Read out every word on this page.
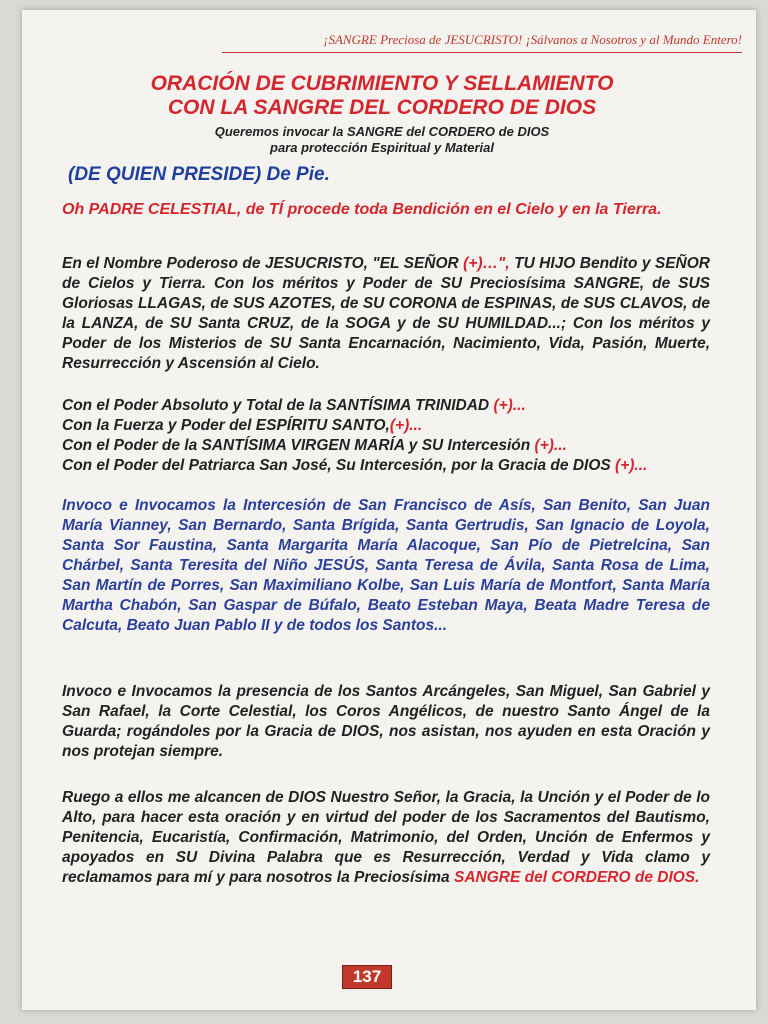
¡SANGRE Preciosa de JESUCRISTO! ¡Sálvanos a Nosotros y al Mundo Entero!
ORACIÓN DE CUBRIMIENTO Y SELLAMIENTO
CON LA SANGRE DEL CORDERO DE DIOS
Queremos invocar la SANGRE del CORDERO de DIOS
para protección Espiritual y Material
(DE QUIEN PRESIDE) De Pie.
Oh PADRE CELESTIAL, de TÍ procede toda Bendición en el Cielo y en la Tierra.
En el Nombre Poderoso de JESUCRISTO, "EL SEÑOR (+)…", TU HIJO Bendito y SEÑOR de Cielos y Tierra. Con los méritos y Poder de SU Preciosísima SANGRE, de SUS Gloriosas LLAGAS, de SUS AZOTES, de SU CORONA de ESPINAS, de SUS CLAVOS, de la LANZA, de SU Santa CRUZ, de la SOGA y de SU HUMILDAD...; Con los méritos y Poder de los Misterios de SU Santa Encarnación, Nacimiento, Vida, Pasión, Muerte, Resurrección y Ascensión al Cielo.
Con el Poder Absoluto y Total de la SANTÍSIMA TRINIDAD (+)...
Con la Fuerza y Poder del ESPÍRITU SANTO,(+)...
Con el Poder de la SANTÍSIMA VIRGEN MARÍA y SU Intercesión (+)...
Con el Poder del Patriarca San José, Su Intercesión, por la Gracia de DIOS (+)...
Invoco e Invocamos la Intercesión de San Francisco de Asís, San Benito, San Juan María Vianney, San Bernardo, Santa Brígida, Santa Gertrudis, San Ignacio de Loyola, Santa Sor Faustina, Santa Margarita María Alacoque, San Pío de Pietrelcina, San Chárbel, Santa Teresita del Niño JESÚS, Santa Teresa de Ávila, Santa Rosa de Lima, San Martín de Porres, San Maximiliano Kolbe, San Luis María de Montfort, Santa María Martha Chabón, San Gaspar de Búfalo, Beato Esteban Maya, Beata Madre Teresa de Calcuta, Beato Juan Pablo II y de todos los Santos...
Invoco e Invocamos la presencia de los Santos Arcángeles, San Miguel, San Gabriel y San Rafael, la Corte Celestial, los Coros Angélicos, de nuestro Santo Ángel de la Guarda; rogándoles por la Gracia de DIOS, nos asistan, nos ayuden en esta Oración y nos protejan siempre.
Ruego a ellos me alcancen de DIOS Nuestro Señor, la Gracia, la Unción y el Poder de lo Alto, para hacer esta oración y en virtud del poder de los Sacramentos del Bautismo, Penitencia, Eucaristía, Confirmación, Matrimonio, del Orden, Unción de Enfermos y apoyados en SU Divina Palabra que es Resurrección, Verdad y Vida clamo y reclamamos para mí y para nosotros la Preciosísima SANGRE del CORDERO de DIOS.
137
